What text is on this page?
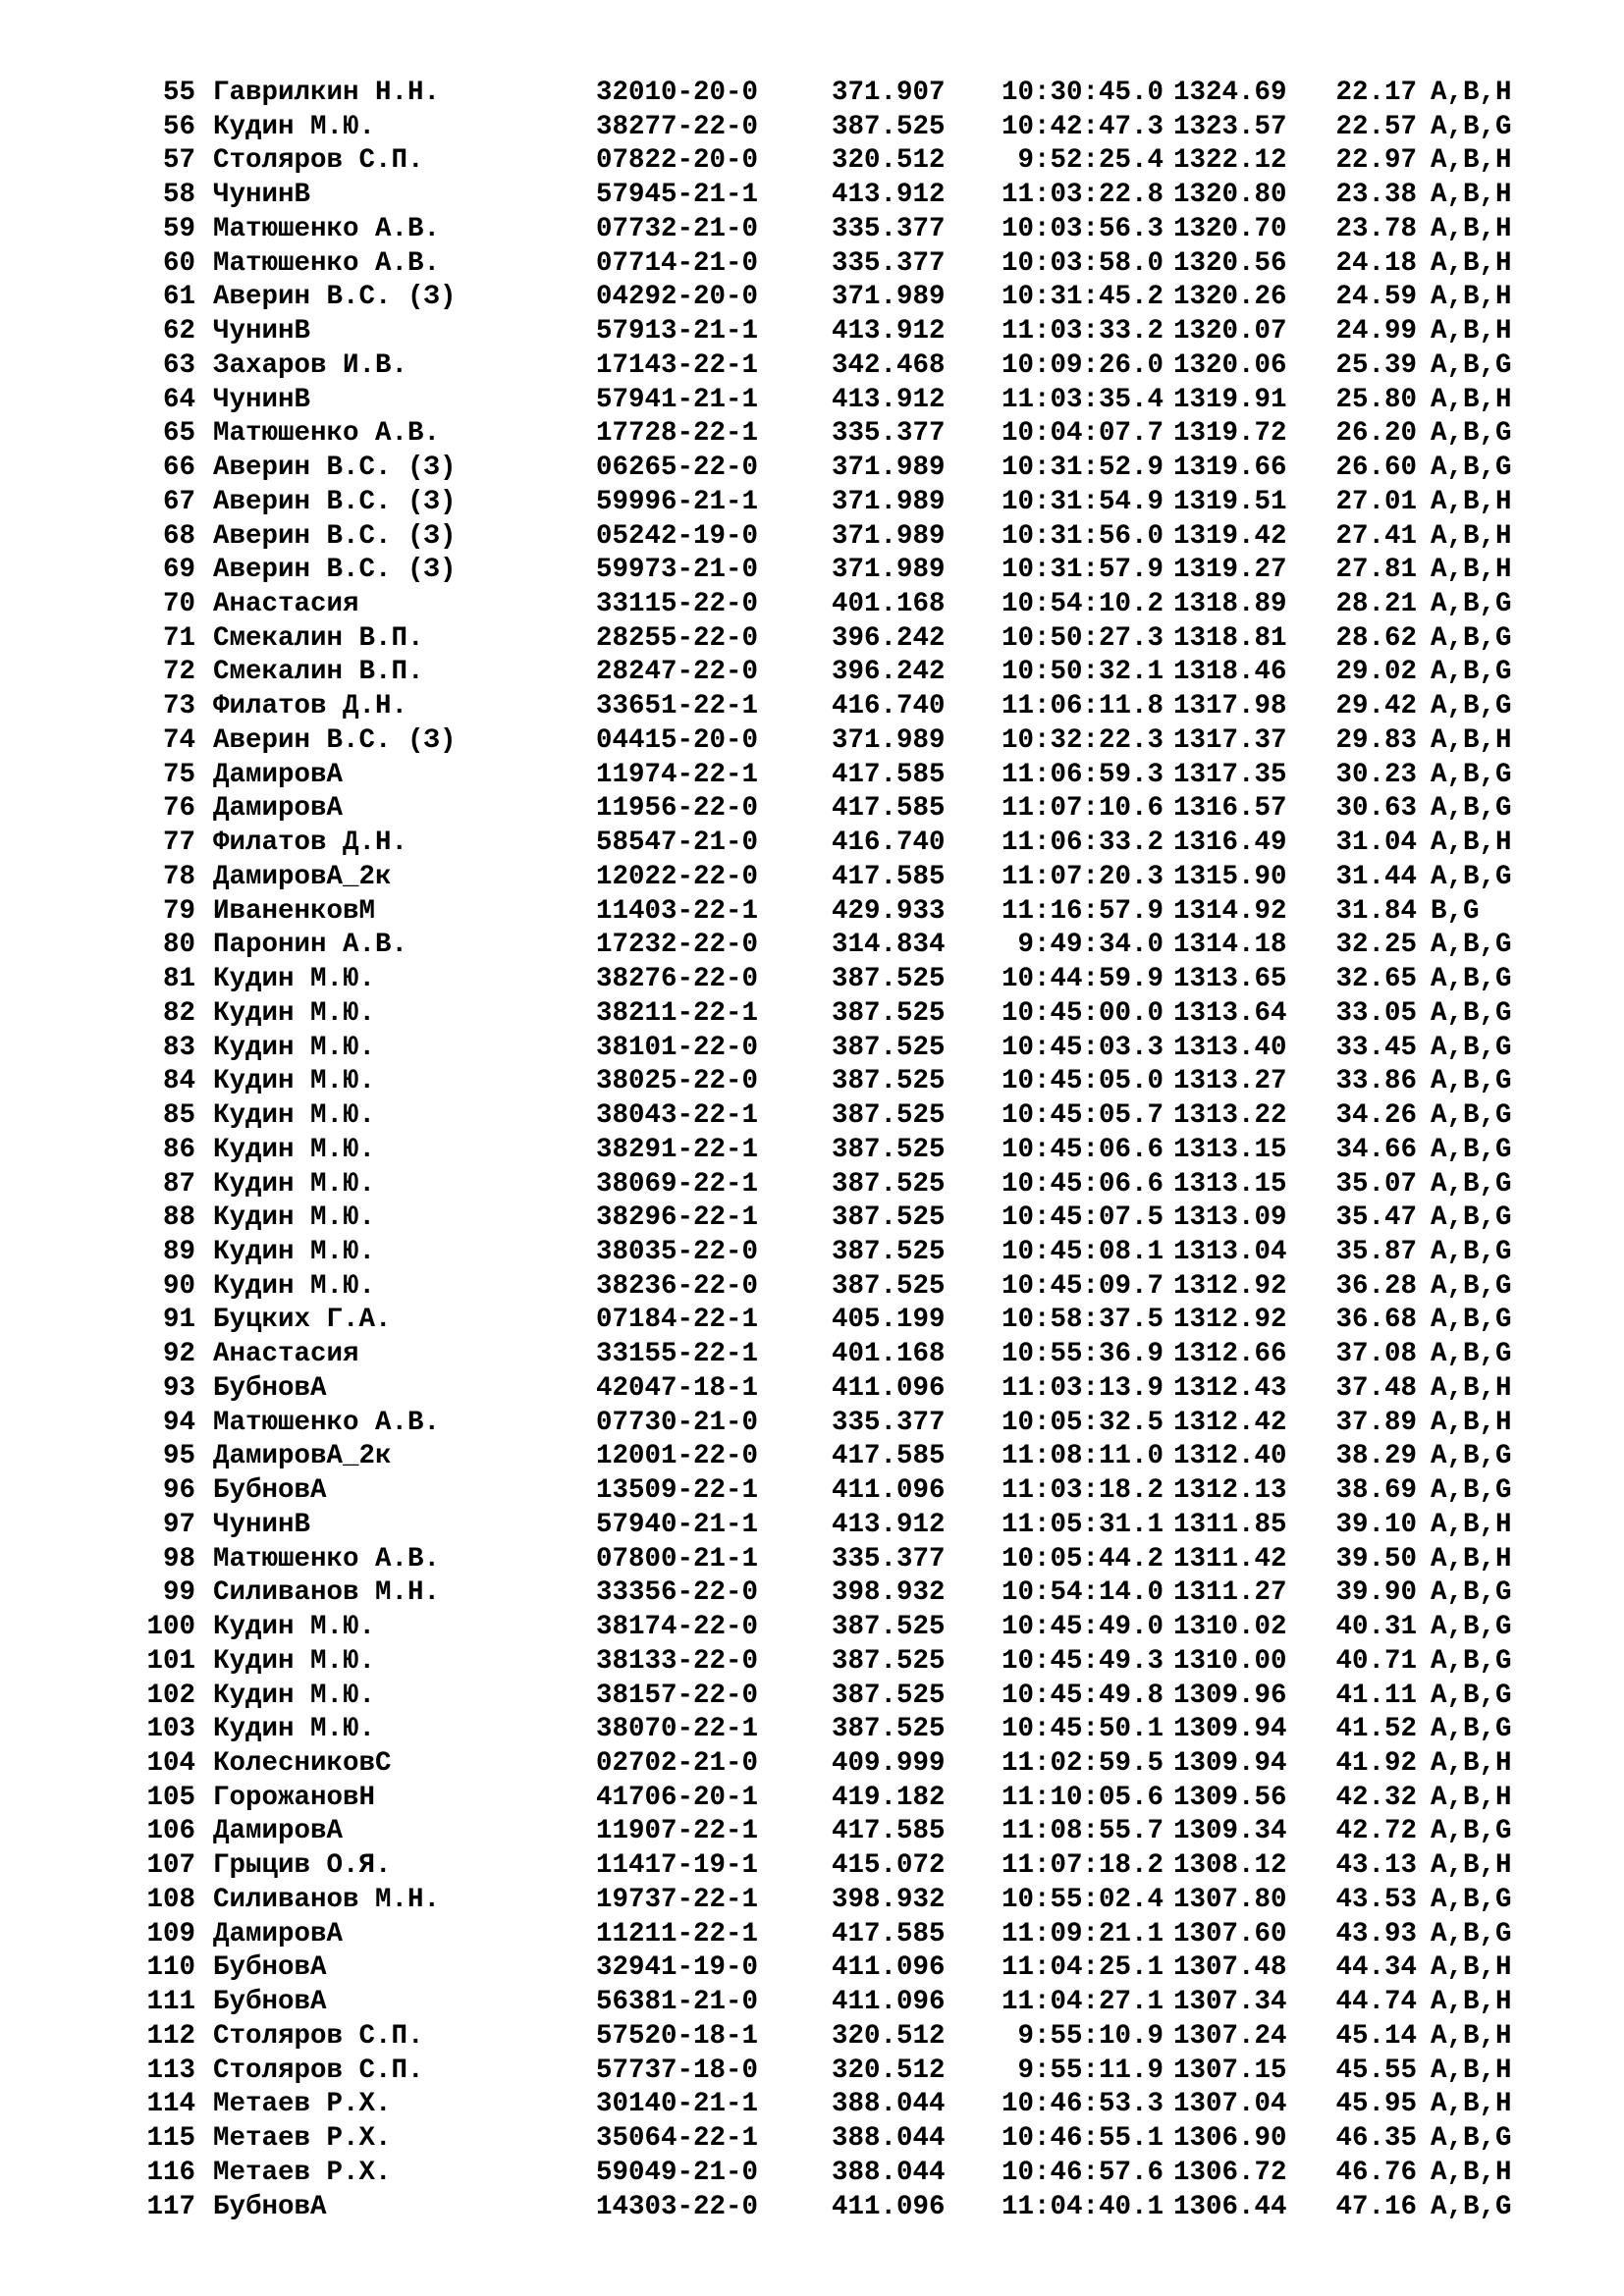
55 Гаврилкин Н.Н.	32010-20-0	371.907	10:30:45.0 1324.69 22.17 A,B,H
56 Кудин М.Ю.	38277-22-0	387.525	10:42:47.3 1323.57 22.57 A,B,G
57 Столяров С.П.	07822-20-0	320.512	9:52:25.4 1322.12 22.97 A,B,H
58 ЧунинВ	57945-21-1	413.912	11:03:22.8 1320.80 23.38 A,B,H
59 Матюшенко А.В.	07732-21-0	335.377	10:03:56.3 1320.70 23.78 A,B,H
60 Матюшенко А.В.	07714-21-0	335.377	10:03:58.0 1320.56 24.18 A,B,H
61 Аверин В.С. (З)	04292-20-0	371.989	10:31:45.2 1320.26 24.59 A,B,H
62 ЧунинВ	57913-21-1	413.912	11:03:33.2 1320.07 24.99 A,B,H
63 Захаров И.В.	17143-22-1	342.468	10:09:26.0 1320.06 25.39 A,B,G
64 ЧунинВ	57941-21-1	413.912	11:03:35.4 1319.91 25.80 A,B,H
65 Матюшенко А.В.	17728-22-1	335.377	10:04:07.7 1319.72 26.20 A,B,G
66 Аверин В.С. (З)	06265-22-0	371.989	10:31:52.9 1319.66 26.60 A,B,G
67 Аверин В.С. (З)	59996-21-1	371.989	10:31:54.9 1319.51 27.01 A,B,H
68 Аверин В.С. (З)	05242-19-0	371.989	10:31:56.0 1319.42 27.41 A,B,H
69 Аверин В.С. (З)	59973-21-0	371.989	10:31:57.9 1319.27 27.81 A,B,H
70 Анастасия	33115-22-0	401.168	10:54:10.2 1318.89 28.21 A,B,G
71 Смекалин В.П.	28255-22-0	396.242	10:50:27.3 1318.81 28.62 A,B,G
72 Смекалин В.П.	28247-22-0	396.242	10:50:32.1 1318.46 29.02 A,B,G
73 Филатов Д.Н.	33651-22-1	416.740	11:06:11.8 1317.98 29.42 A,B,G
74 Аверин В.С. (З)	04415-20-0	371.989	10:32:22.3 1317.37 29.83 A,B,H
75 ДамировА	11974-22-1	417.585	11:06:59.3 1317.35 30.23 A,B,G
76 ДамировА	11956-22-0	417.585	11:07:10.6 1316.57 30.63 A,B,G
77 Филатов Д.Н.	58547-21-0	416.740	11:06:33.2 1316.49 31.04 A,B,H
78 ДамировА_2к	12022-22-0	417.585	11:07:20.3 1315.90 31.44 A,B,G
79 ИваненковМ	11403-22-1	429.933	11:16:57.9 1314.92 31.84 B,G
80 Паронин А.В.	17232-22-0	314.834	9:49:34.0 1314.18 32.25 A,B,G
81 Кудин М.Ю.	38276-22-0	387.525	10:44:59.9 1313.65 32.65 A,B,G
82 Кудин М.Ю.	38211-22-1	387.525	10:45:00.0 1313.64 33.05 A,B,G
83 Кудин М.Ю.	38101-22-0	387.525	10:45:03.3 1313.40 33.45 A,B,G
84 Кудин М.Ю.	38025-22-0	387.525	10:45:05.0 1313.27 33.86 A,B,G
85 Кудин М.Ю.	38043-22-1	387.525	10:45:05.7 1313.22 34.26 A,B,G
86 Кудин М.Ю.	38291-22-1	387.525	10:45:06.6 1313.15 34.66 A,B,G
87 Кудин М.Ю.	38069-22-1	387.525	10:45:06.6 1313.15 35.07 A,B,G
88 Кудин М.Ю.	38296-22-1	387.525	10:45:07.5 1313.09 35.47 A,B,G
89 Кудин М.Ю.	38035-22-0	387.525	10:45:08.1 1313.04 35.87 A,B,G
90 Кудин М.Ю.	38236-22-0	387.525	10:45:09.7 1312.92 36.28 A,B,G
91 Буцких Г.А.	07184-22-1	405.199	10:58:37.5 1312.92 36.68 A,B,G
92 Анастасия	33155-22-1	401.168	10:55:36.9 1312.66 37.08 A,B,G
93 БубновА	42047-18-1	411.096	11:03:13.9 1312.43 37.48 A,B,H
94 Матюшенко А.В.	07730-21-0	335.377	10:05:32.5 1312.42 37.89 A,B,H
95 ДамировА_2к	12001-22-0	417.585	11:08:11.0 1312.40 38.29 A,B,G
96 БубновА	13509-22-1	411.096	11:03:18.2 1312.13 38.69 A,B,G
97 ЧунинВ	57940-21-1	413.912	11:05:31.1 1311.85 39.10 A,B,H
98 Матюшенко А.В.	07800-21-1	335.377	10:05:44.2 1311.42 39.50 A,B,H
99 Силиванов М.Н.	33356-22-0	398.932	10:54:14.0 1311.27 39.90 A,B,G
100 Кудин М.Ю.	38174-22-0	387.525	10:45:49.0 1310.02 40.31 A,B,G
101 Кудин М.Ю.	38133-22-0	387.525	10:45:49.3 1310.00 40.71 A,B,G
102 Кудин М.Ю.	38157-22-0	387.525	10:45:49.8 1309.96 41.11 A,B,G
103 Кудин М.Ю.	38070-22-1	387.525	10:45:50.1 1309.94 41.52 A,B,G
104 КолесниковС	02702-21-0	409.999	11:02:59.5 1309.94 41.92 A,B,H
105 ГорожановН	41706-20-1	419.182	11:10:05.6 1309.56 42.32 A,B,H
106 ДамировА	11907-22-1	417.585	11:08:55.7 1309.34 42.72 A,B,G
107 Грыцив О.Я.	11417-19-1	415.072	11:07:18.2 1308.12 43.13 A,B,H
108 Силиванов М.Н.	19737-22-1	398.932	10:55:02.4 1307.80 43.53 A,B,G
109 ДамировА	11211-22-1	417.585	11:09:21.1 1307.60 43.93 A,B,G
110 БубновА	32941-19-0	411.096	11:04:25.1 1307.48 44.34 A,B,H
111 БубновА	56381-21-0	411.096	11:04:27.1 1307.34 44.74 A,B,H
112 Столяров С.П.	57520-18-1	320.512	9:55:10.9 1307.24 45.14 A,B,H
113 Столяров С.П.	57737-18-0	320.512	9:55:11.9 1307.15 45.55 A,B,H
114 Метаев Р.Х.	30140-21-1	388.044	10:46:53.3 1307.04 45.95 A,B,H
115 Метаев Р.Х.	35064-22-1	388.044	10:46:55.1 1306.90 46.35 A,B,G
116 Метаев Р.Х.	59049-21-0	388.044	10:46:57.6 1306.72 46.76 A,B,H
117 БубновА	14303-22-0	411.096	11:04:40.1 1306.44 47.16 A,B,G
